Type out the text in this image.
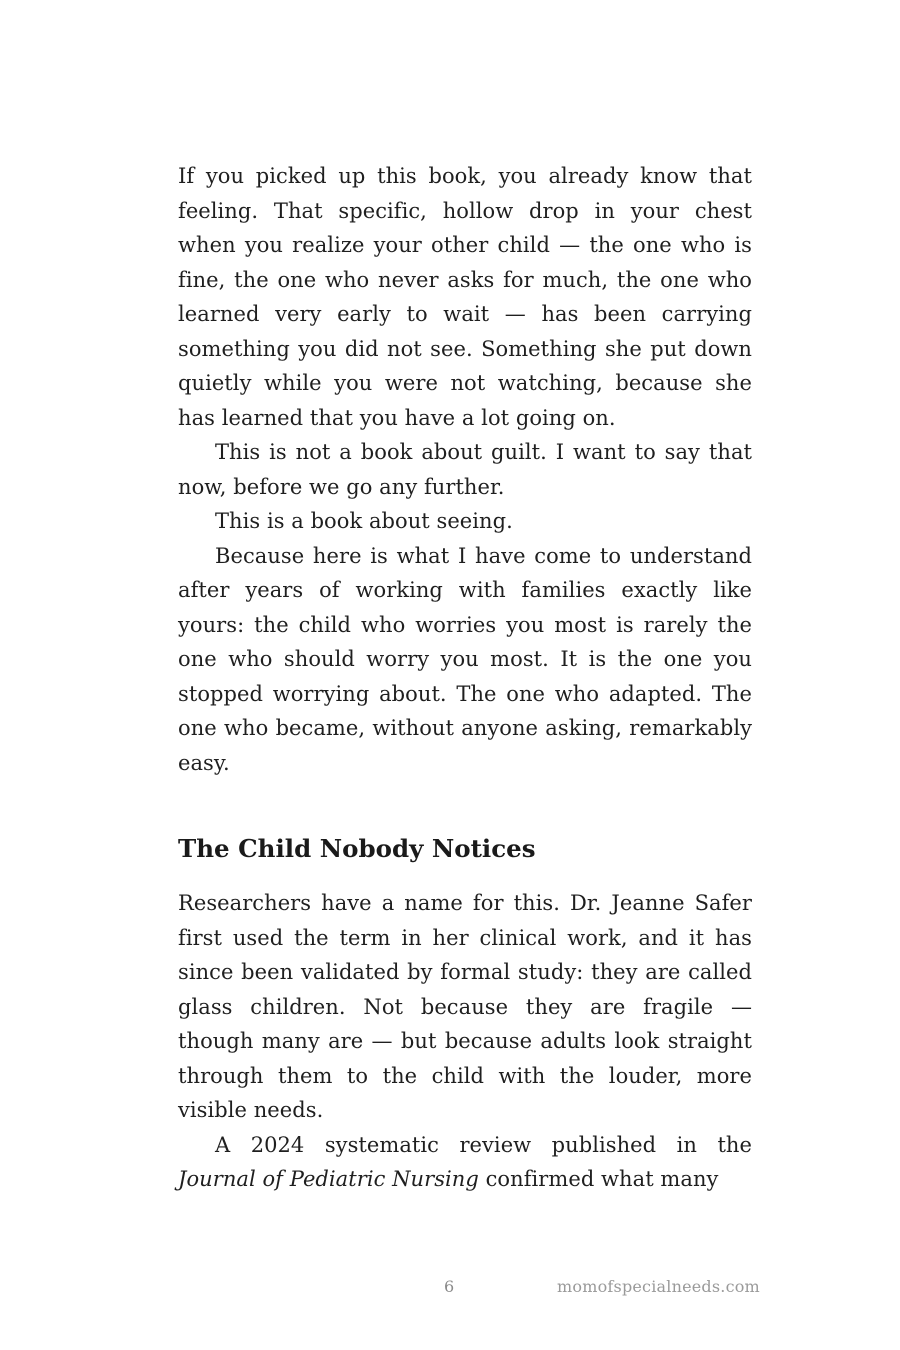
If you picked up this book, you already know that feeling. That specific, hollow drop in your chest when you realize your other child — the one who is fine, the one who never asks for much, the one who learned very early to wait — has been carrying something you did not see. Something she put down quietly while you were not watching, because she has learned that you have a lot going on.

This is not a book about guilt. I want to say that now, before we go any further.

This is a book about seeing.

Because here is what I have come to understand after years of working with families exactly like yours: the child who worries you most is rarely the one who should worry you most. It is the one you stopped worrying about. The one who adapted. The one who became, without anyone asking, remarkably easy.

The Child Nobody Notices

Researchers have a name for this. Dr. Jeanne Safer first used the term in her clinical work, and it has since been validated by formal study: they are called glass children. Not because they are fragile — though many are — but because adults look straight through them to the child with the louder, more visible needs.

A 2024 systematic review published in the Journal of Pediatric Nursing confirmed what many

6	momofspecialneeds.com
